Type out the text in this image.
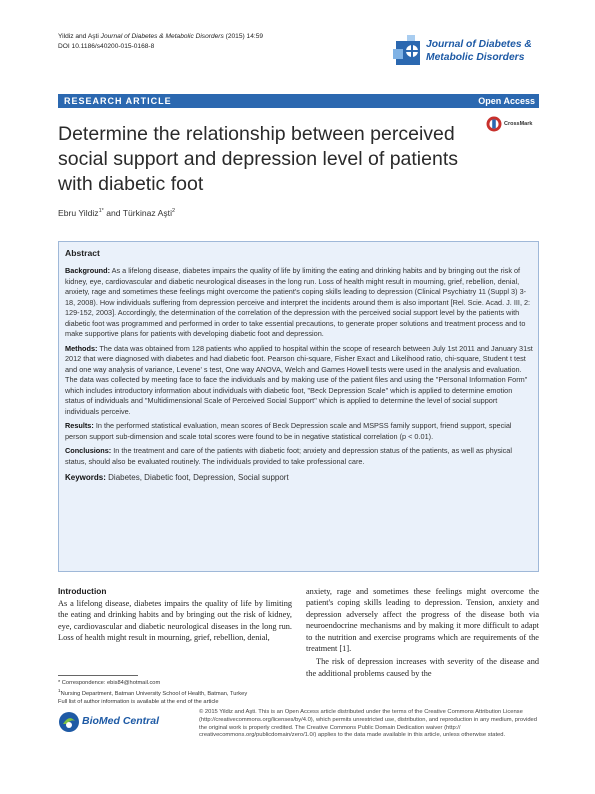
Yildiz and Aşti Journal of Diabetes & Metabolic Disorders (2015) 14:59
DOI 10.1186/s40200-015-0168-8	Journal of Diabetes &
Metabolic Disorders
RESEARCH ARTICLE	Open Access
Determine the relationship between perceived social support and depression level of patients with diabetic foot
CrossMark
Ebru Yildiz$^{1*}$ and Türkinaz Aşti$^2$
Abstract

Background: As a lifelong disease, diabetes impairs the quality of life by limiting the eating and drinking habits and by bringing out the risk of kidney, eye, cardiovascular and diabetic neurological diseases in the long run. Loss of health might result in mourning, grief, rebellion, denial, anxiety, rage and sometimes these feelings might overcome the patient's coping skills leading to depression (Clinical Psychiatry 11 (Suppl 3) 3-18, 2008). How individuals suffering from depression perceive and interpret the incidents around them is also important [Rel. Scie. Acad. J. III, 2: 129-152, 2003]. Accordingly, the determination of the correlation of the depression with the perceived social support level by the patients with diabetic foot was programmed and performed in order to take essential precautions, to generate proper solutions and treatment process and to make supportive plans for patients with developing diabetic foot and depression.

Methods: The data was obtained from 128 patients who applied to hospital within the scope of research between July 1st 2011 and January 31st 2012 that were diagnosed with diabetes and had diabetic foot. Pearson chi-square, Fisher Exact and Likelihood ratio, chi-square, Student t test and one way analysis of variance, Levene' s test, One way ANOVA, Welch and Games Howell tests were used in the analysis and evaluation. The data was collected by meeting face to face the individuals and by making use of the patient files and using the "Personal Information Form" which includes introductory information about individuals with diabetic foot, "Beck Depression Scale" which is applied to determine emotion status of individuals and "Multidimensional Scale of Perceived Social Support" which is applied to determine the level of social support individuals perceive.

Results: In the performed statistical evaluation, mean scores of Beck Depression scale and MSPSS family support, friend support, special person support sub-dimension and scale total scores were found to be in negative statistical correlation (p < 0.01).

Conclusions: In the treatment and care of the patients with diabetic foot; anxiety and depression status of the patients, as well as physical status, should also be evaluated routinely. The individuals provided to take professional care.

Keywords: Diabetes, Diabetic foot, Depression, Social support

Introduction

As a lifelong disease, diabetes impairs the quality of life by limiting the eating and drinking habits and by bringing out the risk of kidney, eye, cardiovascular and diabetic neurological diseases in the long run. Loss of health might result in mourning, grief, rebellion, denial,

anxiety, rage and sometimes these feelings might overcome the patient's coping skills leading to depression. Tension, anxiety and depression adversely affect the progress of the disease both via neuroendocrine mechanisms and by making it more difficult to adapt to the nutrition and exercise programs which are requirements of the treatment [1].

The risk of depression increases with severity of the disease and the additional problems caused by the

* Correspondence: ebis84@hotmail.com
$^1$Nursing Department, Batman University School of Health, Batman, Turkey
Full list of author information is available at the end of the article
BioMed Central
© 2015 Yildiz and Aşti. This is an Open Access article distributed under the terms of the Creative Commons Attribution License (http://creativecommons.org/licenses/by/4.0), which permits unrestricted use, distribution, and reproduction in any medium, provided the original work is properly credited. The Creative Commons Public Domain Dedication waiver (http:// creativecommons.org/publicdomain/zero/1.0/) applies to the data made available in this article, unless otherwise stated.
